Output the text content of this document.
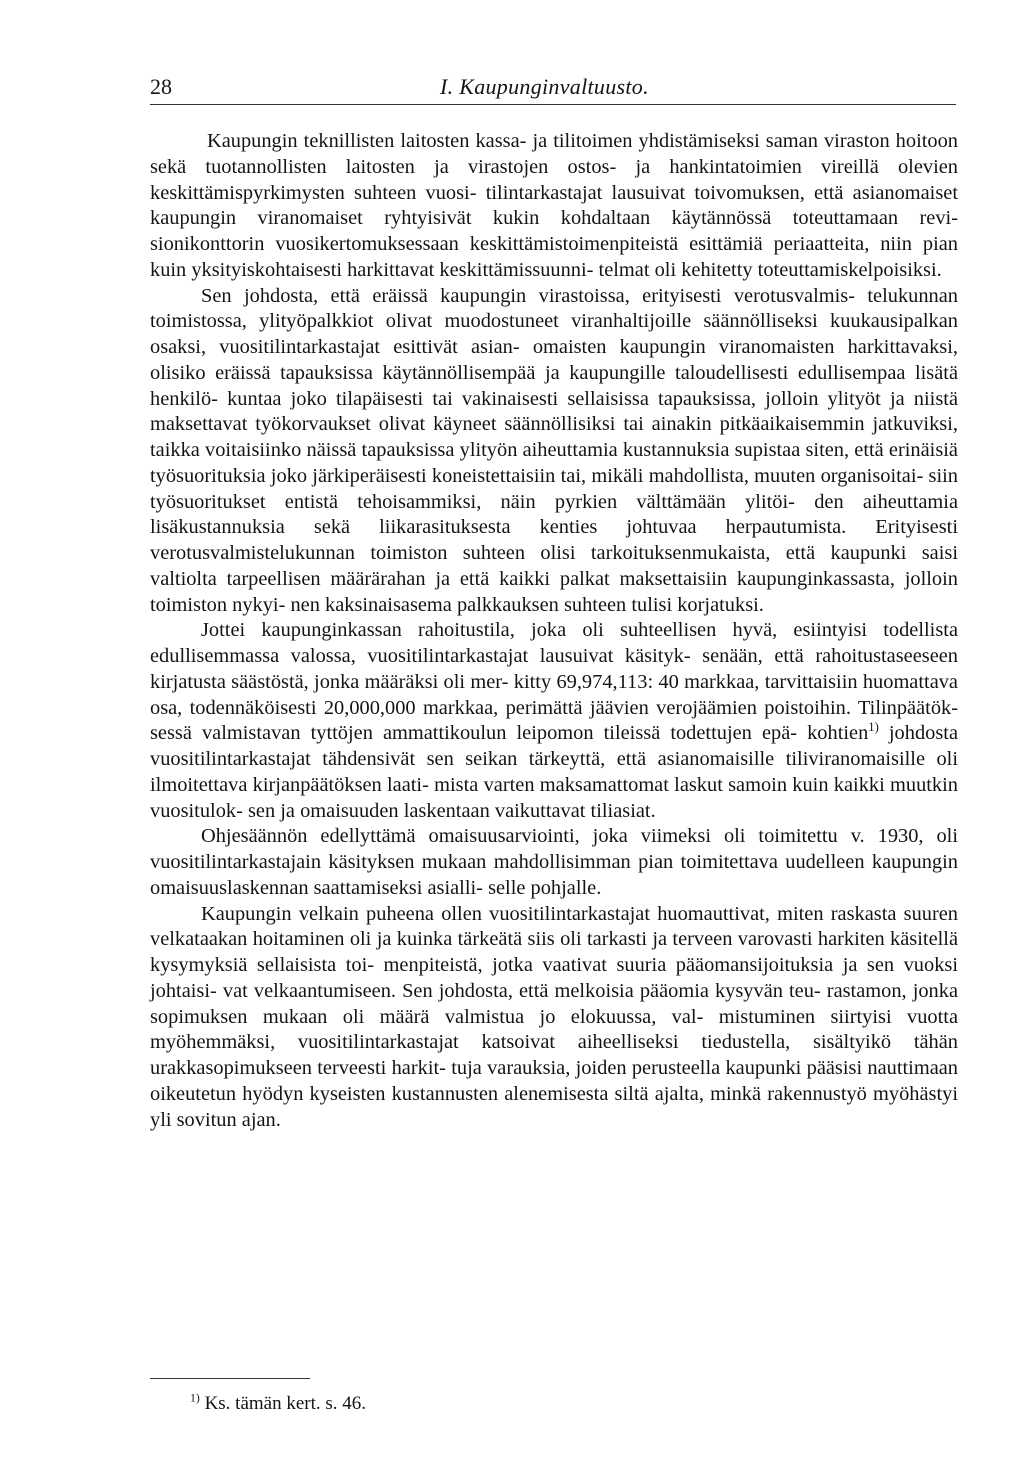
28	I. Kaupunginvaltuusto.

Kaupungin teknillisten laitosten kassa- ja tilitoimen yhdistämiseksi saman viraston hoitoon sekä tuotannollisten laitosten ja virastojen ostos- ja hankintatoimien vireillä olevien keskittämispyrkimysten suhteen vuosi- tilintarkastajat lausuivat toivomuksen, että asianomaiset kaupungin viranomaiset ryhtyisivät kukin kohdaltaan käytännössä toteuttamaan revi- sionikonttorin vuosikertomuksessaan keskittämistoimenpiteistä esittämiä periaatteita, niin pian kuin yksityiskohtaisesti harkittavat keskittämissuunni- telmat oli kehitetty toteuttamiskelpoisiksi.

Sen johdosta, että eräissä kaupungin virastoissa, erityisesti verotusvalmis- telukunnan toimistossa, ylityöpalkkiot olivat muodostuneet viranhaltijoille säännölliseksi kuukausipalkan osaksi, vuositilintarkastajat esittivät asian- omaisten kaupungin viranomaisten harkittavaksi, olisiko eräissä tapauksissa käytännöllisempää ja kaupungille taloudellisesti edullisempaa lisätä henkilö- kuntaa joko tilapäisesti tai vakinaisesti sellaisissa tapauksissa, jolloin ylityöt ja niistä maksettavat työkorvaukset olivat käyneet säännöllisiksi tai ainakin pitkäaikaisemmin jatkuviksi, taikka voitaisiinko näissä tapauksissa ylityön aiheuttamia kustannuksia supistaa siten, että erinäisiä työsuorituksia joko järkiperäisesti koneistettaisiin tai, mikäli mahdollista, muuten organisoitai- siin työsuoritukset entistä tehoisammiksi, näin pyrkien välttämään ylitöi- den aiheuttamia lisäkustannuksia sekä liikarasituksesta kenties johtuvaa herpautumista. Erityisesti verotusvalmistelukunnan toimiston suhteen olisi tarkoituksenmukaista, että kaupunki saisi valtiolta tarpeellisen määrärahan ja että kaikki palkat maksettaisiin kaupunginkassasta, jolloin toimiston nykyi- nen kaksinaisasema palkkauksen suhteen tulisi korjatuksi.

Jottei kaupunginkassan rahoitustila, joka oli suhteellisen hyvä, esiintyisi todellista edullisemmassa valossa, vuositilintarkastajat lausuivat käsityk- senään, että rahoitustaseeseen kirjatusta säästöstä, jonka määräksi oli mer- kitty 69,974,113: 40 markkaa, tarvittaisiin huomattava osa, todennäköisesti 20,000,000 markkaa, perimättä jäävien verojäämien poistoihin. Tilinpäätök- sessä valmistavan tyttöjen ammattikoulun leipomon tileissä todettujen epä- kohtien$^{1)}$ johdosta vuositilintarkastajat tähdensivät sen seikan tärkeyttä, että asianomaisille tiliviranomaisille oli ilmoitettava kirjanpäätöksen laati- mista varten maksamattomat laskut samoin kuin kaikki muutkin vuositulok- sen ja omaisuuden laskentaan vaikuttavat tiliasiat.

Ohjesäännön edellyttämä omaisuusarviointi, joka viimeksi oli toimitettu v. 1930, oli vuositilintarkastajain käsityksen mukaan mahdollisimman pian toimitettava uudelleen kaupungin omaisuuslaskennan saattamiseksi asialli- selle pohjalle.

Kaupungin velkain puheena ollen vuositilintarkastajat huomauttivat, miten raskasta suuren velkataakan hoitaminen oli ja kuinka tärkeätä siis oli tarkasti ja terveen varovasti harkiten käsitellä kysymyksiä sellaisista toi- menpiteistä, jotka vaativat suuria pääomansijoituksia ja sen vuoksi johtaisi- vat velkaantumiseen. Sen johdosta, että melkoisia pääomia kysyvän teu- rastamon, jonka sopimuksen mukaan oli määrä valmistua jo elokuussa, val- mistuminen siirtyisi vuotta myöhemmäksi, vuositilintarkastajat katsoivat aiheelliseksi tiedustella, sisältyikö tähän urakkasopimukseen terveesti harkit- tuja varauksia, joiden perusteella kaupunki pääsisi nauttimaan oikeutetun hyödyn kyseisten kustannusten alenemisesta siltä ajalta, minkä rakennustyö myöhästyi yli sovitun ajan.

$^{1)}$ Ks. tämän kert. s. 46.
